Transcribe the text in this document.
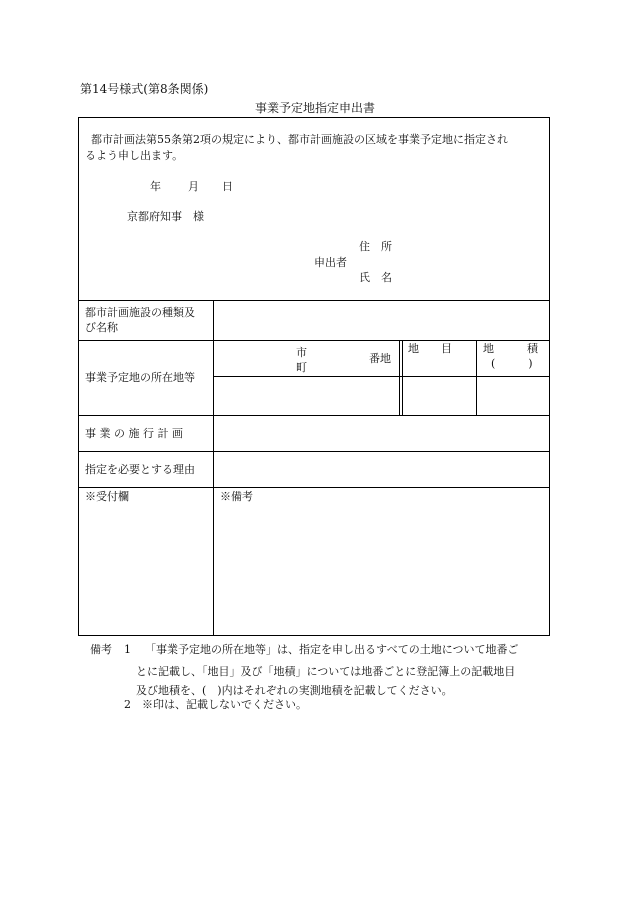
第14号様式(第8条関係)
事業予定地指定申出書
都市計画法第55条第2項の規定により、都市計画施設の区域を事業予定地に指定され
るよう申し出ます。
年 月 日
京都府知事　様
住　所
申出者
氏　名
都市計画施設の種類及
び名称
事業予定地の所在地等
市
町
番地
地　　目	地　　　積
(　　　)
事 業 の 施 行 計 画
指定を必要とする理由
※受付欄	※備考
備考 1 「事業予定地の所在地等」は、指定を申し出るすべての土地について地番ご
とに記載し、「地目」及び「地積」については地番ごとに登記簿上の記載地目
及び地積を、(　)内はそれぞれの実測地積を記載してください。
2 ※印は、記載しないでください。
